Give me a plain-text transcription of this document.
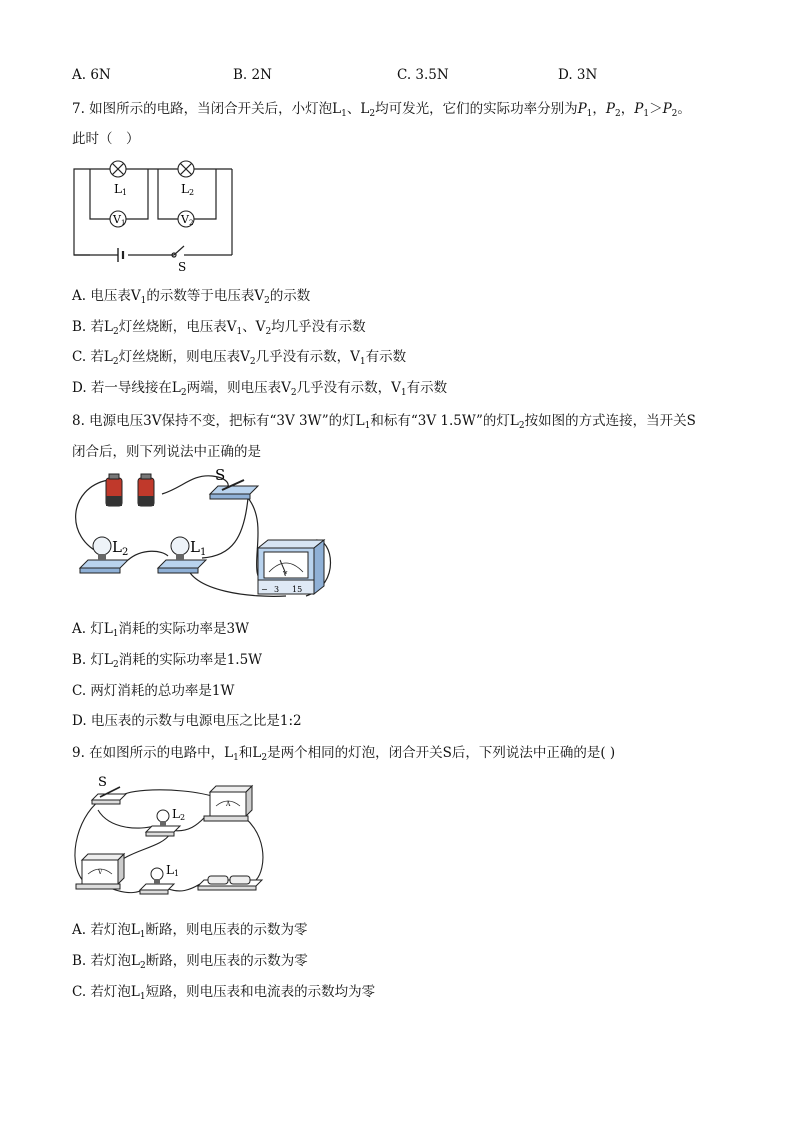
A. 6N	B. 2N	C. 3.5N	D. 3N
7. 如图所示的电路，当闭合开关后，小灯泡$L_1$、$L_2$均可发光，它们的实际功率分别为$P_1$，$P_2$，$P_1>P_2$。
此时（　）
V1	V2
L1	L2
S
A. 电压表$V_1$的示数等于电压表$V_2$的示数
B. 若$L_2$灯丝烧断，电压表$V_1$、$V_2$均几乎没有示数
C. 若$L_2$灯丝烧断，则电压表$V_2$几乎没有示数，$V_1$有示数
D. 若一导线接在$L_2$两端，则电压表$V_2$几乎没有示数，$V_1$有示数
8. 电源电压3V保持不变，把标有“3V 3W”的灯$L_1$和标有“3V 1.5W”的灯$L_2$按如图的方式连接，当开关S
闭合后，则下列说法中正确的是
S
$L_2$	$L_1$
V
− 3 15
A. 灯$L_1$消耗的实际功率是3W
B. 灯$L_2$消耗的实际功率是1.5W
C. 两灯消耗的总功率是1W
D. 电压表的示数与电源电压之比是1:2
9. 在如图所示的电路中，$L_1$和$L_2$是两个相同的灯泡，闭合开关S后，下列说法中正确的是( )
S
L2
A
V	L1
A. 若灯泡$L_1$断路，则电压表的示数为零
B. 若灯泡$L_2$断路，则电压表的示数为零
C. 若灯泡$L_1$短路，则电压表和电流表的示数均为零
